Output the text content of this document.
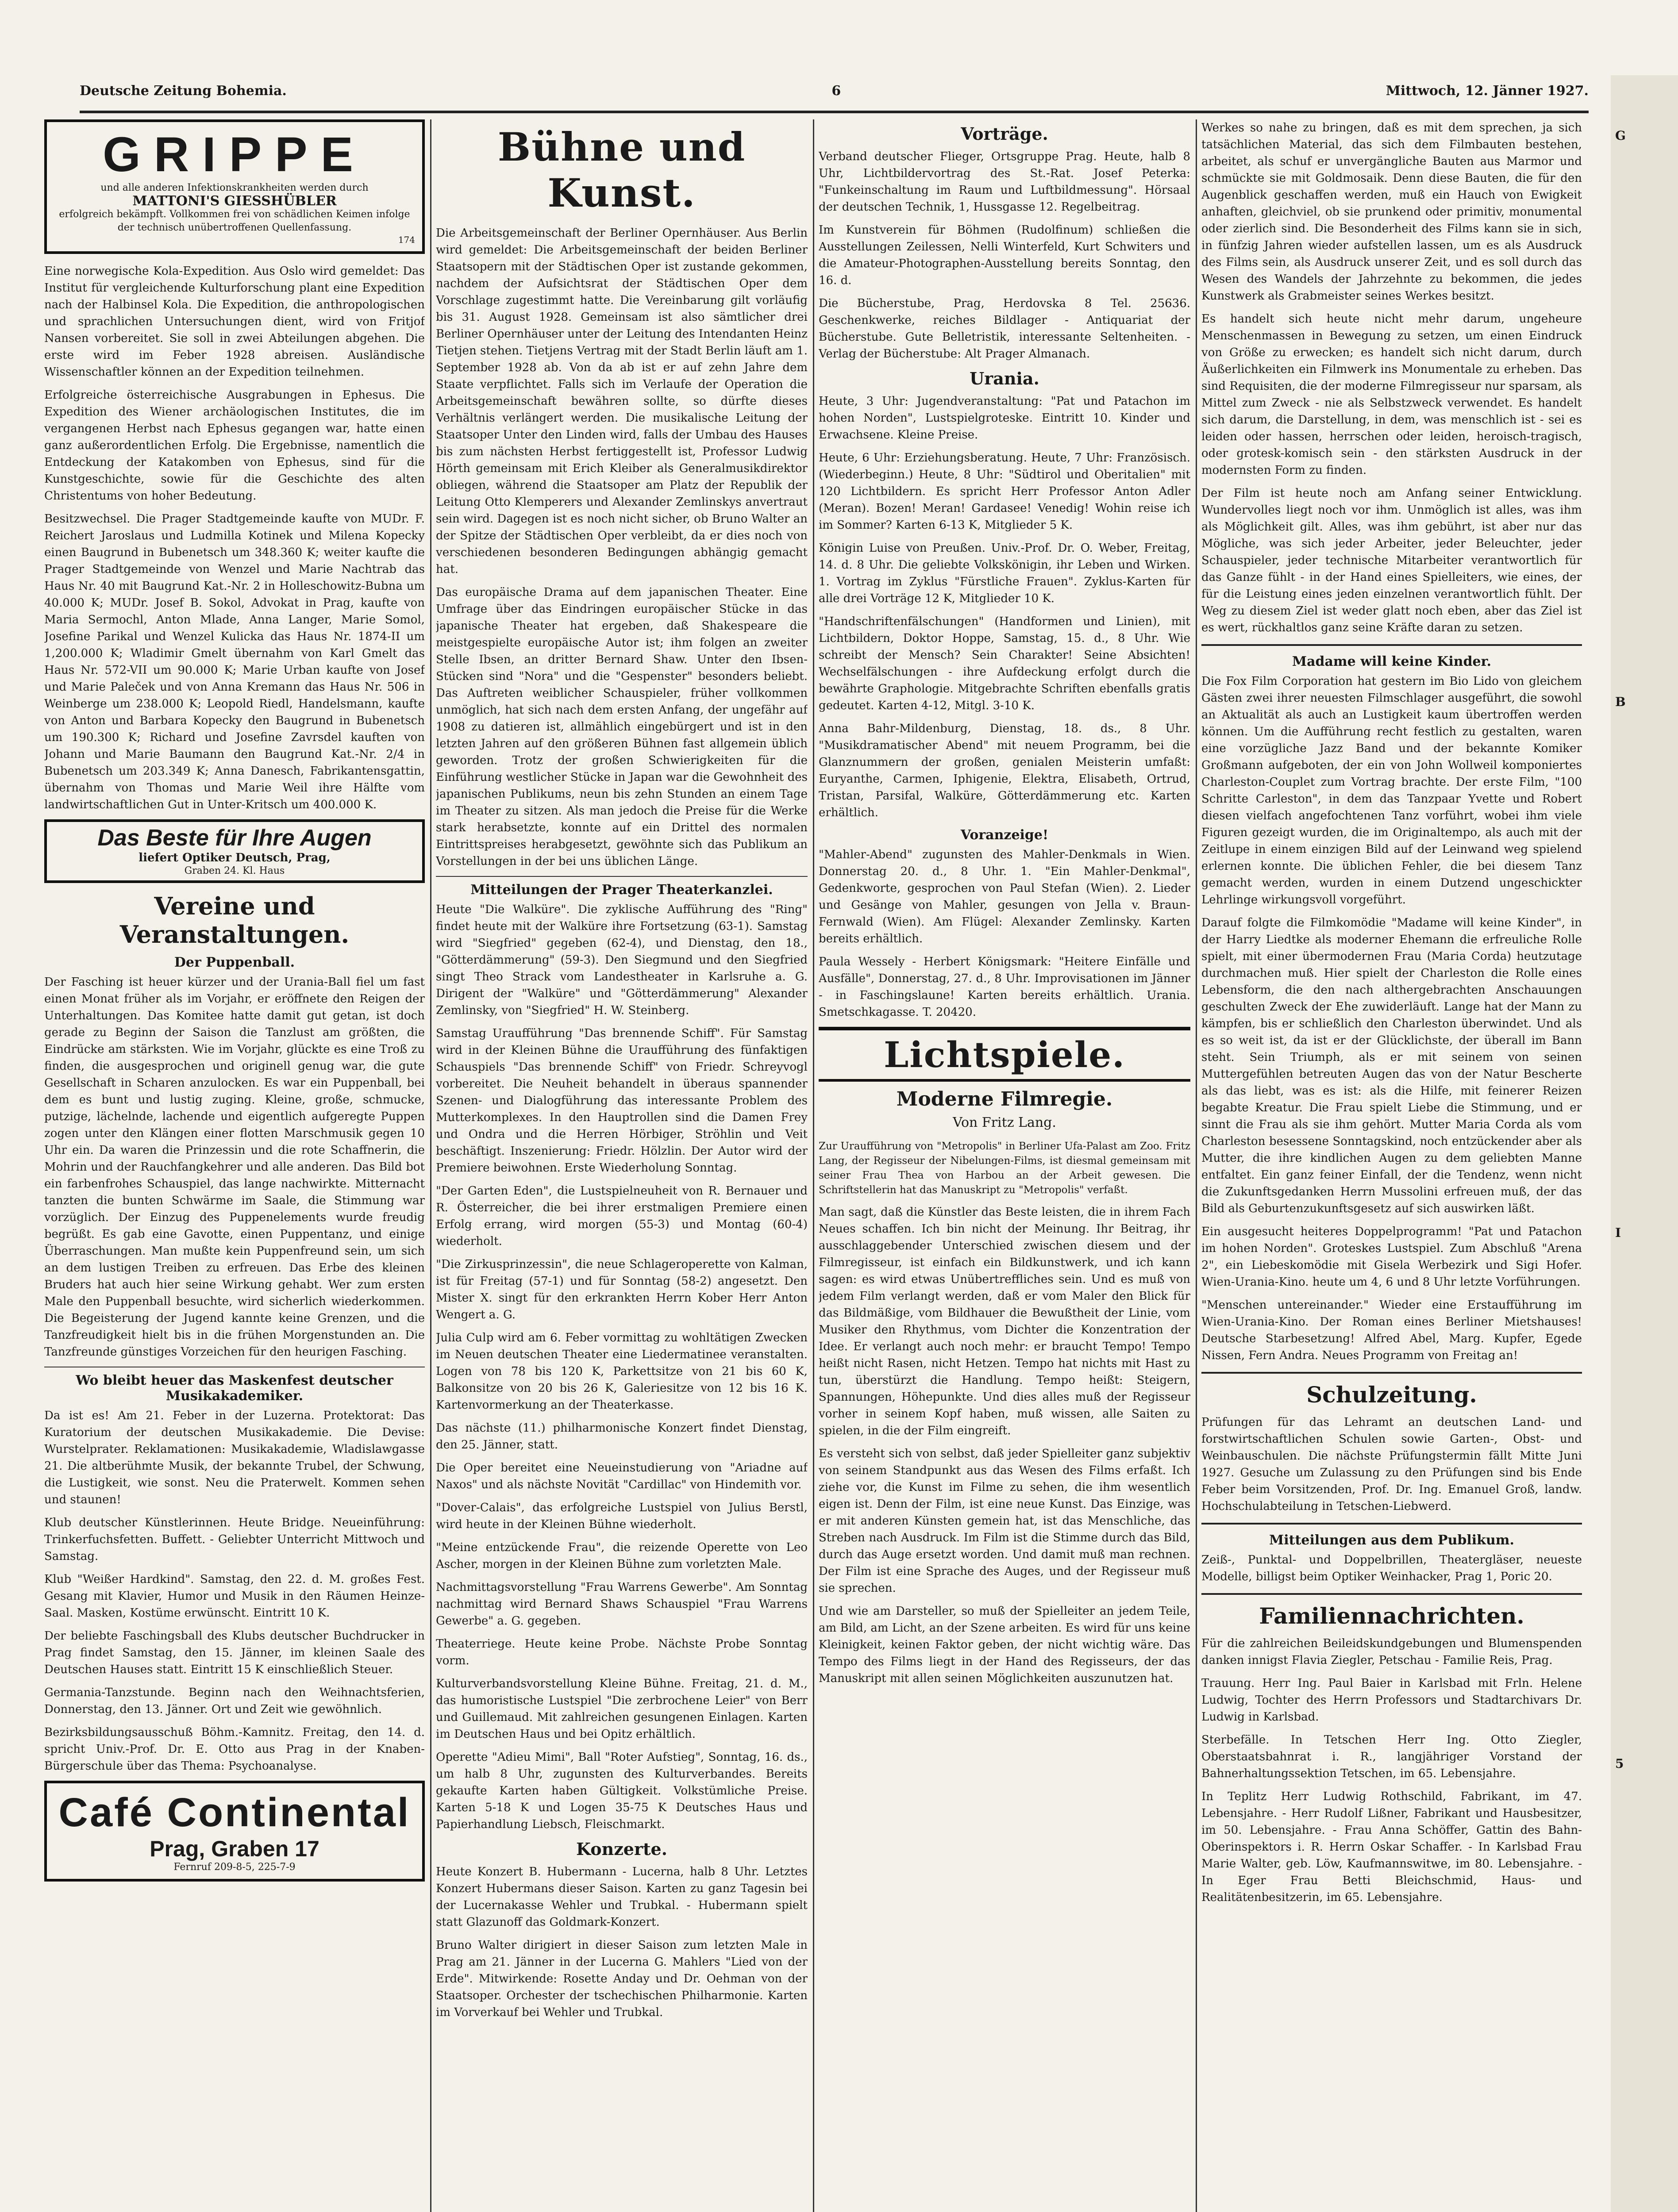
Deutsche Zeitung Bohemia.	6	Mittwoch, 12. Jänner 1927.
GRIPPE
und alle anderen Infektionskrankheiten werden durch
MATTONI'S GIESSHÜBLER
erfolgreich bekämpft. Vollkommen frei von schädlichen Keimen infolge der technisch unübertroffenen Quellenfassung.
174

Eine norwegische Kola-Expedition. Aus Oslo wird gemeldet: Das Institut für vergleichende Kulturforschung plant eine Expedition nach der Halbinsel Kola. Die Expedition, die anthropologischen und sprachlichen Untersuchungen dient, wird von Fritjof Nansen vorbereitet. Sie soll in zwei Abteilungen abgehen. Die erste wird im Feber 1928 abreisen. Ausländische Wissenschaftler können an der Expedition teilnehmen.

Erfolgreiche österreichische Ausgrabungen in Ephesus. Die Expedition des Wiener archäologischen Institutes, die im vergangenen Herbst nach Ephesus gegangen war, hatte einen ganz außerordentlichen Erfolg. Die Ergebnisse, namentlich die Entdeckung der Katakomben von Ephesus, sind für die Kunstgeschichte, sowie für die Geschichte des alten Christentums von hoher Bedeutung.

Besitzwechsel. Die Prager Stadtgemeinde kaufte von MUDr. F. Reichert Jaroslaus und Ludmilla Kotinek und Milena Kopecky einen Baugrund in Bubenetsch um 348.360 K; weiter kaufte die Prager Stadtgemeinde von Wenzel und Marie Nachtrab das Haus Nr. 40 mit Baugrund Kat.-Nr. 2 in Holleschowitz-Bubna um 40.000 K; MUDr. Josef B. Sokol, Advokat in Prag, kaufte von Maria Sermochl, Anton Mlade, Anna Langer, Marie Somol, Josefine Parikal und Wenzel Kulicka das Haus Nr. 1874-II um 1,200.000 K; Wladimir Gmelt übernahm von Karl Gmelt das Haus Nr. 572-VII um 90.000 K; Marie Urban kaufte von Josef und Marie Paleček und von Anna Kremann das Haus Nr. 506 in Weinberge um 238.000 K; Leopold Riedl, Handelsmann, kaufte von Anton und Barbara Kopecky den Baugrund in Bubenetsch um 190.300 K; Richard und Josefine Zavrsdel kauften von Johann und Marie Baumann den Baugrund Kat.-Nr. 2/4 in Bubenetsch um 203.349 K; Anna Danesch, Fabrikantensgattin, übernahm von Thomas und Marie Weil ihre Hälfte vom landwirtschaftlichen Gut in Unter-Kritsch um 400.000 K.

Das Beste für Ihre Augen
liefert Optiker Deutsch, Prag,
Graben 24. Kl. Haus
Vereine und Veranstaltungen.
Der Puppenball.

Der Fasching ist heuer kürzer und der Urania-Ball fiel um fast einen Monat früher als im Vorjahr, er eröffnete den Reigen der Unterhaltungen. Das Komitee hatte damit gut getan, ist doch gerade zu Beginn der Saison die Tanzlust am größten, die Eindrücke am stärksten. Wie im Vorjahr, glückte es eine Troß zu finden, die ausgesprochen und originell genug war, die gute Gesellschaft in Scharen anzulocken. Es war ein Puppenball, bei dem es bunt und lustig zuging. Kleine, große, schmucke, putzige, lächelnde, lachende und eigentlich aufgeregte Puppen zogen unter den Klängen einer flotten Marschmusik gegen 10 Uhr ein. Da waren die Prinzessin und die rote Schaffnerin, die Mohrin und der Rauchfangkehrer und alle anderen. Das Bild bot ein farbenfrohes Schauspiel, das lange nachwirkte. Mitternacht tanzten die bunten Schwärme im Saale, die Stimmung war vorzüglich. Der Einzug des Puppenelements wurde freudig begrüßt. Es gab eine Gavotte, einen Puppentanz, und einige Überraschungen. Man mußte kein Puppenfreund sein, um sich an dem lustigen Treiben zu erfreuen. Das Erbe des kleinen Bruders hat auch hier seine Wirkung gehabt. Wer zum ersten Male den Puppenball besuchte, wird sicherlich wiederkommen. Die Begeisterung der Jugend kannte keine Grenzen, und die Tanzfreudigkeit hielt bis in die frühen Morgenstunden an. Die Tanzfreunde günstiges Vorzeichen für den heurigen Fasching.

Wo bleibt heuer das Maskenfest deutscher Musikakademiker.

Da ist es! Am 21. Feber in der Luzerna. Protektorat: Das Kuratorium der deutschen Musikakademie. Die Devise: Wurstelprater. Reklamationen: Musikakademie, Wladislawgasse 21. Die altberühmte Musik, der bekannte Trubel, der Schwung, die Lustigkeit, wie sonst. Neu die Praterwelt. Kommen sehen und staunen!

Klub deutscher Künstlerinnen. Heute Bridge. Neueinführung: Trinkerfuchsfetten. Buffett. - Geliebter Unterricht Mittwoch und Samstag.

Klub "Weißer Hardkind". Samstag, den 22. d. M. großes Fest. Gesang mit Klavier, Humor und Musik in den Räumen Heinze-Saal. Masken, Kostüme erwünscht. Eintritt 10 K.

Der beliebte Faschingsball des Klubs deutscher Buchdrucker in Prag findet Samstag, den 15. Jänner, im kleinen Saale des Deutschen Hauses statt. Eintritt 15 K einschließlich Steuer.

Germania-Tanzstunde. Beginn nach den Weihnachtsferien, Donnerstag, den 13. Jänner. Ort und Zeit wie gewöhnlich.

Bezirksbildungsausschuß Böhm.-Kamnitz. Freitag, den 14. d. spricht Univ.-Prof. Dr. E. Otto aus Prag in der Knaben-Bürgerschule über das Thema: Psychoanalyse.

Café Continental
Prag, Graben 17
Fernruf 209-8-5, 225-7-9
Bühne und Kunst.

Die Arbeitsgemeinschaft der Berliner Opernhäuser. Aus Berlin wird gemeldet: Die Arbeitsgemeinschaft der beiden Berliner Staatsopern mit der Städtischen Oper ist zustande gekommen, nachdem der Aufsichtsrat der Städtischen Oper dem Vorschlage zugestimmt hatte. Die Vereinbarung gilt vorläufig bis 31. August 1928. Gemeinsam ist also sämtlicher drei Berliner Opernhäuser unter der Leitung des Intendanten Heinz Tietjen stehen. Tietjens Vertrag mit der Stadt Berlin läuft am 1. September 1928 ab. Von da ab ist er auf zehn Jahre dem Staate verpflichtet. Falls sich im Verlaufe der Operation die Arbeitsgemeinschaft bewähren sollte, so dürfte dieses Verhältnis verlängert werden. Die musikalische Leitung der Staatsoper Unter den Linden wird, falls der Umbau des Hauses bis zum nächsten Herbst fertiggestellt ist, Professor Ludwig Hörth gemeinsam mit Erich Kleiber als Generalmusikdirektor obliegen, während die Staatsoper am Platz der Republik der Leitung Otto Klemperers und Alexander Zemlinskys anvertraut sein wird. Dagegen ist es noch nicht sicher, ob Bruno Walter an der Spitze der Städtischen Oper verbleibt, da er dies noch von verschiedenen besonderen Bedingungen abhängig gemacht hat.

Das europäische Drama auf dem japanischen Theater. Eine Umfrage über das Eindringen europäischer Stücke in das japanische Theater hat ergeben, daß Shakespeare die meistgespielte europäische Autor ist; ihm folgen an zweiter Stelle Ibsen, an dritter Bernard Shaw. Unter den Ibsen-Stücken sind "Nora" und die "Gespenster" besonders beliebt. Das Auftreten weiblicher Schauspieler, früher vollkommen unmöglich, hat sich nach dem ersten Anfang, der ungefähr auf 1908 zu datieren ist, allmählich eingebürgert und ist in den letzten Jahren auf den größeren Bühnen fast allgemein üblich geworden. Trotz der großen Schwierigkeiten für die Einführung westlicher Stücke in Japan war die Gewohnheit des japanischen Publikums, neun bis zehn Stunden an einem Tage im Theater zu sitzen. Als man jedoch die Preise für die Werke stark herabsetzte, konnte auf ein Drittel des normalen Eintrittspreises herabgesetzt, gewöhnte sich das Publikum an Vorstellungen in der bei uns üblichen Länge.

Mitteilungen der Prager Theaterkanzlei.

Heute "Die Walküre". Die zyklische Aufführung des "Ring" findet heute mit der Walküre ihre Fortsetzung (63-1). Samstag wird "Siegfried" gegeben (62-4), und Dienstag, den 18., "Götterdämmerung" (59-3). Den Siegmund und den Siegfried singt Theo Strack vom Landestheater in Karlsruhe a. G. Dirigent der "Walküre" und "Götterdämmerung" Alexander Zemlinsky, von "Siegfried" H. W. Steinberg.

Samstag Uraufführung "Das brennende Schiff". Für Samstag wird in der Kleinen Bühne die Uraufführung des fünfaktigen Schauspiels "Das brennende Schiff" von Friedr. Schreyvogl vorbereitet. Die Neuheit behandelt in überaus spannender Szenen- und Dialogführung das interessante Problem des Mutterkomplexes. In den Hauptrollen sind die Damen Frey und Ondra und die Herren Hörbiger, Ströhlin und Veit beschäftigt. Inszenierung: Friedr. Hölzlin. Der Autor wird der Premiere beiwohnen. Erste Wiederholung Sonntag.

"Der Garten Eden", die Lustspielneuheit von R. Bernauer und R. Österreicher, die bei ihrer erstmaligen Premiere einen Erfolg errang, wird morgen (55-3) und Montag (60-4) wiederholt.

"Die Zirkusprinzessin", die neue Schlageroperette von Kalman, ist für Freitag (57-1) und für Sonntag (58-2) angesetzt. Den Mister X. singt für den erkrankten Herrn Kober Herr Anton Wengert a. G.

Julia Culp wird am 6. Feber vormittag zu wohltätigen Zwecken im Neuen deutschen Theater eine Liedermatinee veranstalten. Logen von 78 bis 120 K, Parkettsitze von 21 bis 60 K, Balkonsitze von 20 bis 26 K, Galeriesitze von 12 bis 16 K. Kartenvormerkung an der Theaterkasse.

Das nächste (11.) philharmonische Konzert findet Dienstag, den 25. Jänner, statt.

Die Oper bereitet eine Neueinstudierung von "Ariadne auf Naxos" und als nächste Novität "Cardillac" von Hindemith vor.

"Dover-Calais", das erfolgreiche Lustspiel von Julius Berstl, wird heute in der Kleinen Bühne wiederholt.

"Meine entzückende Frau", die reizende Operette von Leo Ascher, morgen in der Kleinen Bühne zum vorletzten Male.

Nachmittagsvorstellung "Frau Warrens Gewerbe". Am Sonntag nachmittag wird Bernard Shaws Schauspiel "Frau Warrens Gewerbe" a. G. gegeben.

Theaterriege. Heute keine Probe. Nächste Probe Sonntag vorm.

Kulturverbandsvorstellung Kleine Bühne. Freitag, 21. d. M., das humoristische Lustspiel "Die zerbrochene Leier" von Berr und Guillemaud. Mit zahlreichen gesungenen Einlagen. Karten im Deutschen Haus und bei Opitz erhältlich.

Operette "Adieu Mimi", Ball "Roter Aufstieg", Sonntag, 16. ds., um halb 8 Uhr, zugunsten des Kulturverbandes. Bereits gekaufte Karten haben Gültigkeit. Volkstümliche Preise. Karten 5-18 K und Logen 35-75 K Deutsches Haus und Papierhandlung Liebsch, Fleischmarkt.

Konzerte.

Heute Konzert B. Hubermann - Lucerna, halb 8 Uhr. Letztes Konzert Hubermans dieser Saison. Karten zu ganz Tagesin bei der Lucernakasse Wehler und Trubkal. - Hubermann spielt statt Glazunoff das Goldmark-Konzert.

Bruno Walter dirigiert in dieser Saison zum letzten Male in Prag am 21. Jänner in der Lucerna G. Mahlers "Lied von der Erde". Mitwirkende: Rosette Anday und Dr. Oehman von der Staatsoper. Orchester der tschechischen Philharmonie. Karten im Vorverkauf bei Wehler und Trubkal.

Vorträge.

Verband deutscher Flieger, Ortsgruppe Prag. Heute, halb 8 Uhr, Lichtbildervortrag des St.-Rat. Josef Peterka: "Funkeinschaltung im Raum und Luftbildmessung". Hörsaal der deutschen Technik, 1, Hussgasse 12. Regelbeitrag.

Im Kunstverein für Böhmen (Rudolfinum) schließen die Ausstellungen Zeilessen, Nelli Winterfeld, Kurt Schwiters und die Amateur-Photographen-Ausstellung bereits Sonntag, den 16. d.

Die Bücherstube, Prag, Herdovska 8 Tel. 25636. Geschenkwerke, reiches Bildlager - Antiquariat der Bücherstube. Gute Belletristik, interessante Seltenheiten. - Verlag der Bücherstube: Alt Prager Almanach.

Urania.

Heute, 3 Uhr: Jugendveranstaltung: "Pat und Patachon im hohen Norden", Lustspielgroteske. Eintritt 10. Kinder und Erwachsene. Kleine Preise.

Heute, 6 Uhr: Erziehungsberatung. Heute, 7 Uhr: Französisch. (Wiederbeginn.) Heute, 8 Uhr: "Südtirol und Oberitalien" mit 120 Lichtbildern. Es spricht Herr Professor Anton Adler (Meran). Bozen! Meran! Gardasee! Venedig! Wohin reise ich im Sommer? Karten 6-13 K, Mitglieder 5 K.

Königin Luise von Preußen. Univ.-Prof. Dr. O. Weber, Freitag, 14. d. 8 Uhr. Die geliebte Volkskönigin, ihr Leben und Wirken. 1. Vortrag im Zyklus "Fürstliche Frauen". Zyklus-Karten für alle drei Vorträge 12 K, Mitglieder 10 K.

"Handschriftenfälschungen" (Handformen und Linien), mit Lichtbildern, Doktor Hoppe, Samstag, 15. d., 8 Uhr. Wie schreibt der Mensch? Sein Charakter! Seine Absichten! Wechselfälschungen - ihre Aufdeckung erfolgt durch die bewährte Graphologie. Mitgebrachte Schriften ebenfalls gratis gedeutet. Karten 4-12, Mitgl. 3-10 K.

Anna Bahr-Mildenburg, Dienstag, 18. ds., 8 Uhr. "Musikdramatischer Abend" mit neuem Programm, bei die Glanznummern der großen, genialen Meisterin umfaßt: Euryanthe, Carmen, Iphigenie, Elektra, Elisabeth, Ortrud, Tristan, Parsifal, Walküre, Götterdämmerung etc. Karten erhältlich.

Voranzeige!

"Mahler-Abend" zugunsten des Mahler-Denkmals in Wien. Donnerstag 20. d., 8 Uhr. 1. "Ein Mahler-Denkmal", Gedenkworte, gesprochen von Paul Stefan (Wien). 2. Lieder und Gesänge von Mahler, gesungen von Jella v. Braun-Fernwald (Wien). Am Flügel: Alexander Zemlinsky. Karten bereits erhältlich.

Paula Wessely - Herbert Königsmark: "Heitere Einfälle und Ausfälle", Donnerstag, 27. d., 8 Uhr. Improvisationen im Jänner - in Faschingslaune! Karten bereits erhältlich. Urania. Smetschkagasse. T. 20420.

Lichtspiele.
Moderne Filmregie.
Von Fritz Lang.

Zur Uraufführung von "Metropolis" in Berliner Ufa-Palast am Zoo. Fritz Lang, der Regisseur der Nibelungen-Films, ist diesmal gemeinsam mit seiner Frau Thea von Harbou an der Arbeit gewesen. Die Schriftstellerin hat das Manuskript zu "Metropolis" verfaßt.

Man sagt, daß die Künstler das Beste leisten, die in ihrem Fach Neues schaffen. Ich bin nicht der Meinung. Ihr Beitrag, ihr ausschlaggebender Unterschied zwischen diesem und der Filmregisseur, ist einfach ein Bildkunstwerk, und ich kann sagen: es wird etwas Unübertreffliches sein. Und es muß von jedem Film verlangt werden, daß er vom Maler den Blick für das Bildmäßige, vom Bildhauer die Bewußtheit der Linie, vom Musiker den Rhythmus, vom Dichter die Konzentration der Idee. Er verlangt auch noch mehr: er braucht Tempo! Tempo heißt nicht Rasen, nicht Hetzen. Tempo hat nichts mit Hast zu tun, überstürzt die Handlung. Tempo heißt: Steigern, Spannungen, Höhepunkte. Und dies alles muß der Regisseur vorher in seinem Kopf haben, muß wissen, alle Saiten zu spielen, in die der Film eingreift.

Es versteht sich von selbst, daß jeder Spielleiter ganz subjektiv von seinem Standpunkt aus das Wesen des Films erfaßt. Ich ziehe vor, die Kunst im Filme zu sehen, die ihm wesentlich eigen ist. Denn der Film, ist eine neue Kunst. Das Einzige, was er mit anderen Künsten gemein hat, ist das Menschliche, das Streben nach Ausdruck. Im Film ist die Stimme durch das Bild, durch das Auge ersetzt worden. Und damit muß man rechnen. Der Film ist eine Sprache des Auges, und der Regisseur muß sie sprechen.

Und wie am Darsteller, so muß der Spielleiter an jedem Teile, am Bild, am Licht, an der Szene arbeiten. Es wird für uns keine Kleinigkeit, keinen Faktor geben, der nicht wichtig wäre. Das Tempo des Films liegt in der Hand des Regisseurs, der das Manuskript mit allen seinen Möglichkeiten auszunutzen hat.

Werkes so nahe zu bringen, daß es mit dem sprechen, ja sich tatsächlichen Material, das sich dem Filmbauten bestehen, arbeitet, als schuf er unvergängliche Bauten aus Marmor und schmückte sie mit Goldmosaik. Denn diese Bauten, die für den Augenblick geschaffen werden, muß ein Hauch von Ewigkeit anhaften, gleichviel, ob sie prunkend oder primitiv, monumental oder zierlich sind. Die Besonderheit des Films kann sie in sich, in fünfzig Jahren wieder aufstellen lassen, um es als Ausdruck des Films sein, als Ausdruck unserer Zeit, und es soll durch das Wesen des Wandels der Jahrzehnte zu bekommen, die jedes Kunstwerk als Grabmeister seines Werkes besitzt.

Es handelt sich heute nicht mehr darum, ungeheure Menschenmassen in Bewegung zu setzen, um einen Eindruck von Größe zu erwecken; es handelt sich nicht darum, durch Äußerlichkeiten ein Filmwerk ins Monumentale zu erheben. Das sind Requisiten, die der moderne Filmregisseur nur sparsam, als Mittel zum Zweck - nie als Selbstzweck verwendet. Es handelt sich darum, die Darstellung, in dem, was menschlich ist - sei es leiden oder hassen, herrschen oder leiden, heroisch-tragisch, oder grotesk-komisch sein - den stärksten Ausdruck in der modernsten Form zu finden.

Der Film ist heute noch am Anfang seiner Entwicklung. Wundervolles liegt noch vor ihm. Unmöglich ist alles, was ihm als Möglichkeit gilt. Alles, was ihm gebührt, ist aber nur das Mögliche, was sich jeder Arbeiter, jeder Beleuchter, jeder Schauspieler, jeder technische Mitarbeiter verantwortlich für das Ganze fühlt - in der Hand eines Spielleiters, wie eines, der für die Leistung eines jeden einzelnen verantwortlich fühlt. Der Weg zu diesem Ziel ist weder glatt noch eben, aber das Ziel ist es wert, rückhaltlos ganz seine Kräfte daran zu setzen.

Madame will keine Kinder.

Die Fox Film Corporation hat gestern im Bio Lido von gleichem Gästen zwei ihrer neuesten Filmschlager ausgeführt, die sowohl an Aktualität als auch an Lustigkeit kaum übertroffen werden können. Um die Aufführung recht festlich zu gestalten, waren eine vorzügliche Jazz Band und der bekannte Komiker Großmann aufgeboten, der ein von John Wollweil komponiertes Charleston-Couplet zum Vortrag brachte. Der erste Film, "100 Schritte Carleston", in dem das Tanzpaar Yvette und Robert diesen vielfach angefochtenen Tanz vorführt, wobei ihm viele Figuren gezeigt wurden, die im Originaltempo, als auch mit der Zeitlupe in einem einzigen Bild auf der Leinwand weg spielend erlernen konnte. Die üblichen Fehler, die bei diesem Tanz gemacht werden, wurden in einem Dutzend ungeschickter Lehrlinge wirkungsvoll vorgeführt.

Darauf folgte die Filmkomödie "Madame will keine Kinder", in der Harry Liedtke als moderner Ehemann die erfreuliche Rolle spielt, mit einer übermodernen Frau (Maria Corda) heutzutage durchmachen muß. Hier spielt der Charleston die Rolle eines Lebensform, die den nach althergebrachten Anschauungen geschulten Zweck der Ehe zuwiderläuft. Lange hat der Mann zu kämpfen, bis er schließlich den Charleston überwindet. Und als es so weit ist, da ist er der Glücklichste, der überall im Bann steht. Sein Triumph, als er mit seinem von seinen Muttergefühlen betreuten Augen das von der Natur Bescherte als das liebt, was es ist: als die Hilfe, mit feinerer Reizen begabte Kreatur. Die Frau spielt Liebe die Stimmung, und er sinnt die Frau als sie ihm gehört. Mutter Maria Corda als vom Charleston besessene Sonntagskind, noch entzückender aber als Mutter, die ihre kindlichen Augen zu dem geliebten Manne entfaltet. Ein ganz feiner Einfall, der die Tendenz, wenn nicht die Zukunftsgedanken Herrn Mussolini erfreuen muß, der das Bild als Geburtenzukunftsgesetz auf sich auswirken läßt.

Ein ausgesucht heiteres Doppelprogramm! "Pat und Patachon im hohen Norden". Groteskes Lustspiel. Zum Abschluß "Arena 2", ein Liebeskomödie mit Gisela Werbezirk und Sigi Hofer. Wien-Urania-Kino. heute um 4, 6 und 8 Uhr letzte Vorführungen.

"Menschen untereinander." Wieder eine Erstaufführung im Wien-Urania-Kino. Der Roman eines Berliner Mietshauses! Deutsche Starbesetzung! Alfred Abel, Marg. Kupfer, Egede Nissen, Fern Andra. Neues Programm von Freitag an!

Schulzeitung.

Prüfungen für das Lehramt an deutschen Land- und forstwirtschaftlichen Schulen sowie Garten-, Obst- und Weinbauschulen. Die nächste Prüfungstermin fällt Mitte Juni 1927. Gesuche um Zulassung zu den Prüfungen sind bis Ende Feber beim Vorsitzenden, Prof. Dr. Ing. Emanuel Groß, landw. Hochschulabteilung in Tetschen-Liebwerd.

Mitteilungen aus dem Publikum.

Zeiß-, Punktal- und Doppelbrillen, Theatergläser, neueste Modelle, billigst beim Optiker Weinhacker, Prag 1, Poric 20.

Familiennachrichten.

Für die zahlreichen Beileidskundgebungen und Blumenspenden danken innigst Flavia Ziegler, Petschau - Familie Reis, Prag.

Trauung. Herr Ing. Paul Baier in Karlsbad mit Frln. Helene Ludwig, Tochter des Herrn Professors und Stadtarchivars Dr. Ludwig in Karlsbad.

Sterbefälle. In Tetschen Herr Ing. Otto Ziegler, Oberstaatsbahnrat i. R., langjähriger Vorstand der Bahnerhaltungssektion Tetschen, im 65. Lebensjahre.

In Teplitz Herr Ludwig Rothschild, Fabrikant, im 47. Lebensjahre. - Herr Rudolf Lißner, Fabrikant und Hausbesitzer, im 50. Lebensjahre. - Frau Anna Schöffer, Gattin des Bahn-Oberinspektors i. R. Herrn Oskar Schaffer. - In Karlsbad Frau Marie Walter, geb. Löw, Kaufmannswitwe, im 80. Lebensjahre. - In Eger Frau Betti Bleichschmid, Haus- und Realitätenbesitzerin, im 65. Lebensjahre.

G
B
I
5
